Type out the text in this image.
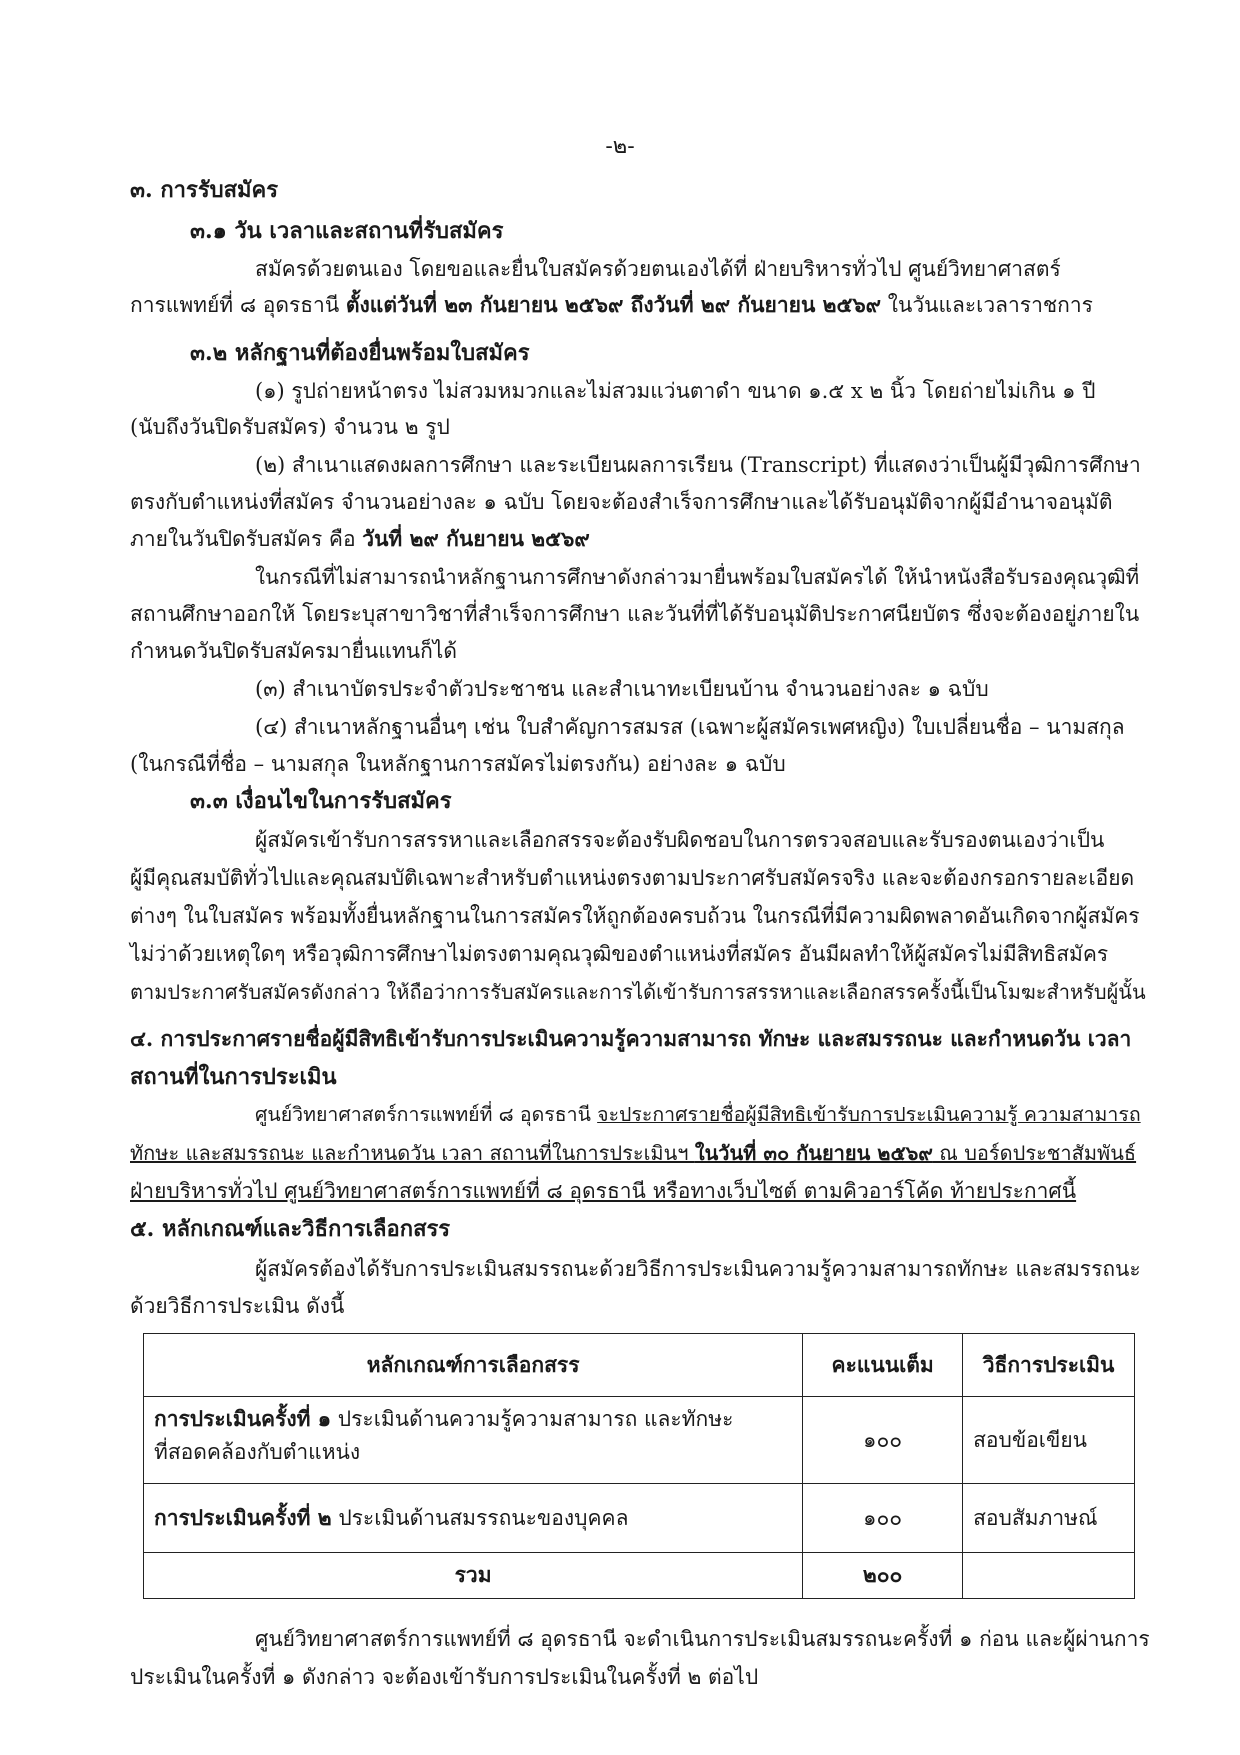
-๒-
๓. การรับสมัคร
๓.๑ วัน เวลาและสถานที่รับสมัคร
สมัครด้วยตนเอง โดยขอและยื่นใบสมัครด้วยตนเองได้ที่ ฝ่ายบริหารทั่วไป ศูนย์วิทยาศาสตร์
การแพทย์ที่ ๘ อุดรธานี ตั้งแต่วันที่ ๒๓ กันยายน ๒๕๖๙ ถึงวันที่ ๒๙ กันยายน ๒๕๖๙ ในวันและเวลาราชการ
๓.๒ หลักฐานที่ต้องยื่นพร้อมใบสมัคร
(๑) รูปถ่ายหน้าตรง ไม่สวมหมวกและไม่สวมแว่นตาดำ ขนาด ๑.๕ x ๒ นิ้ว โดยถ่ายไม่เกิน ๑ ปี
(นับถึงวันปิดรับสมัคร) จำนวน ๒ รูป
(๒) สำเนาแสดงผลการศึกษา และระเบียนผลการเรียน (Transcript) ที่แสดงว่าเป็นผู้มีวุฒิการศึกษา
ตรงกับตำแหน่งที่สมัคร จำนวนอย่างละ ๑ ฉบับ โดยจะต้องสำเร็จการศึกษาและได้รับอนุมัติจากผู้มีอำนาจอนุมัติ
ภายในวันปิดรับสมัคร คือ วันที่ ๒๙ กันยายน ๒๕๖๙
ในกรณีที่ไม่สามารถนำหลักฐานการศึกษาดังกล่าวมายื่นพร้อมใบสมัครได้ ให้นำหนังสือรับรองคุณวุฒิที่
สถานศึกษาออกให้ โดยระบุสาขาวิชาที่สำเร็จการศึกษา และวันที่ที่ได้รับอนุมัติประกาศนียบัตร ซึ่งจะต้องอยู่ภายใน
กำหนดวันปิดรับสมัครมายื่นแทนก็ได้
(๓) สำเนาบัตรประจำตัวประชาชน และสำเนาทะเบียนบ้าน จำนวนอย่างละ ๑ ฉบับ
(๔) สำเนาหลักฐานอื่นๆ เช่น ใบสำคัญการสมรส (เฉพาะผู้สมัครเพศหญิง) ใบเปลี่ยนชื่อ – นามสกุล
(ในกรณีที่ชื่อ – นามสกุล ในหลักฐานการสมัครไม่ตรงกัน) อย่างละ ๑ ฉบับ
๓.๓ เงื่อนไขในการรับสมัคร
ผู้สมัครเข้ารับการสรรหาและเลือกสรรจะต้องรับผิดชอบในการตรวจสอบและรับรองตนเองว่าเป็น
ผู้มีคุณสมบัติทั่วไปและคุณสมบัติเฉพาะสำหรับตำแหน่งตรงตามประกาศรับสมัครจริง และจะต้องกรอกรายละเอียด
ต่างๆ ในใบสมัคร พร้อมทั้งยื่นหลักฐานในการสมัครให้ถูกต้องครบถ้วน ในกรณีที่มีความผิดพลาดอันเกิดจากผู้สมัคร
ไม่ว่าด้วยเหตุใดๆ หรือวุฒิการศึกษาไม่ตรงตามคุณวุฒิของตำแหน่งที่สมัคร อันมีผลทำให้ผู้สมัครไม่มีสิทธิสมัคร
ตามประกาศรับสมัครดังกล่าว ให้ถือว่าการรับสมัครและการได้เข้ารับการสรรหาและเลือกสรรครั้งนี้เป็นโมฆะสำหรับผู้นั้น
๔. การประกาศรายชื่อผู้มีสิทธิเข้ารับการประเมินความรู้ความสามารถ ทักษะ และสมรรถนะ และกำหนดวัน เวลา
สถานที่ในการประเมิน
ศูนย์วิทยาศาสตร์การแพทย์ที่ ๘ อุดรธานี จะประกาศรายชื่อผู้มีสิทธิเข้ารับการประเมินความรู้ ความสามารถ
ทักษะ และสมรรถนะ และกำหนดวัน เวลา สถานที่ในการประเมินฯ ในวันที่ ๓๐ กันยายน ๒๕๖๙ ณ บอร์ดประชาสัมพันธ์
ฝ่ายบริหารทั่วไป ศูนย์วิทยาศาสตร์การแพทย์ที่ ๘ อุดรธานี หรือทางเว็บไซต์ ตามคิวอาร์โค้ด ท้ายประกาศนี้
๕. หลักเกณฑ์และวิธีการเลือกสรร
ผู้สมัครต้องได้รับการประเมินสมรรถนะด้วยวิธีการประเมินความรู้ความสามารถทักษะ และสมรรถนะ
ด้วยวิธีการประเมิน ดังนี้
หลักเกณฑ์การเลือกสรร	คะแนนเต็ม	วิธีการประเมิน
การประเมินครั้งที่ ๑ ประเมินด้านความรู้ความสามารถ และทักษะ
ที่สอดคล้องกับตำแหน่ง	๑๐๐	สอบข้อเขียน
การประเมินครั้งที่ ๒ ประเมินด้านสมรรถนะของบุคคล	๑๐๐	สอบสัมภาษณ์
รวม	๒๐๐	
ศูนย์วิทยาศาสตร์การแพทย์ที่ ๘ อุดรธานี จะดำเนินการประเมินสมรรถนะครั้งที่ ๑ ก่อน และผู้ผ่านการ
ประเมินในครั้งที่ ๑ ดังกล่าว จะต้องเข้ารับการประเมินในครั้งที่ ๒ ต่อไป
